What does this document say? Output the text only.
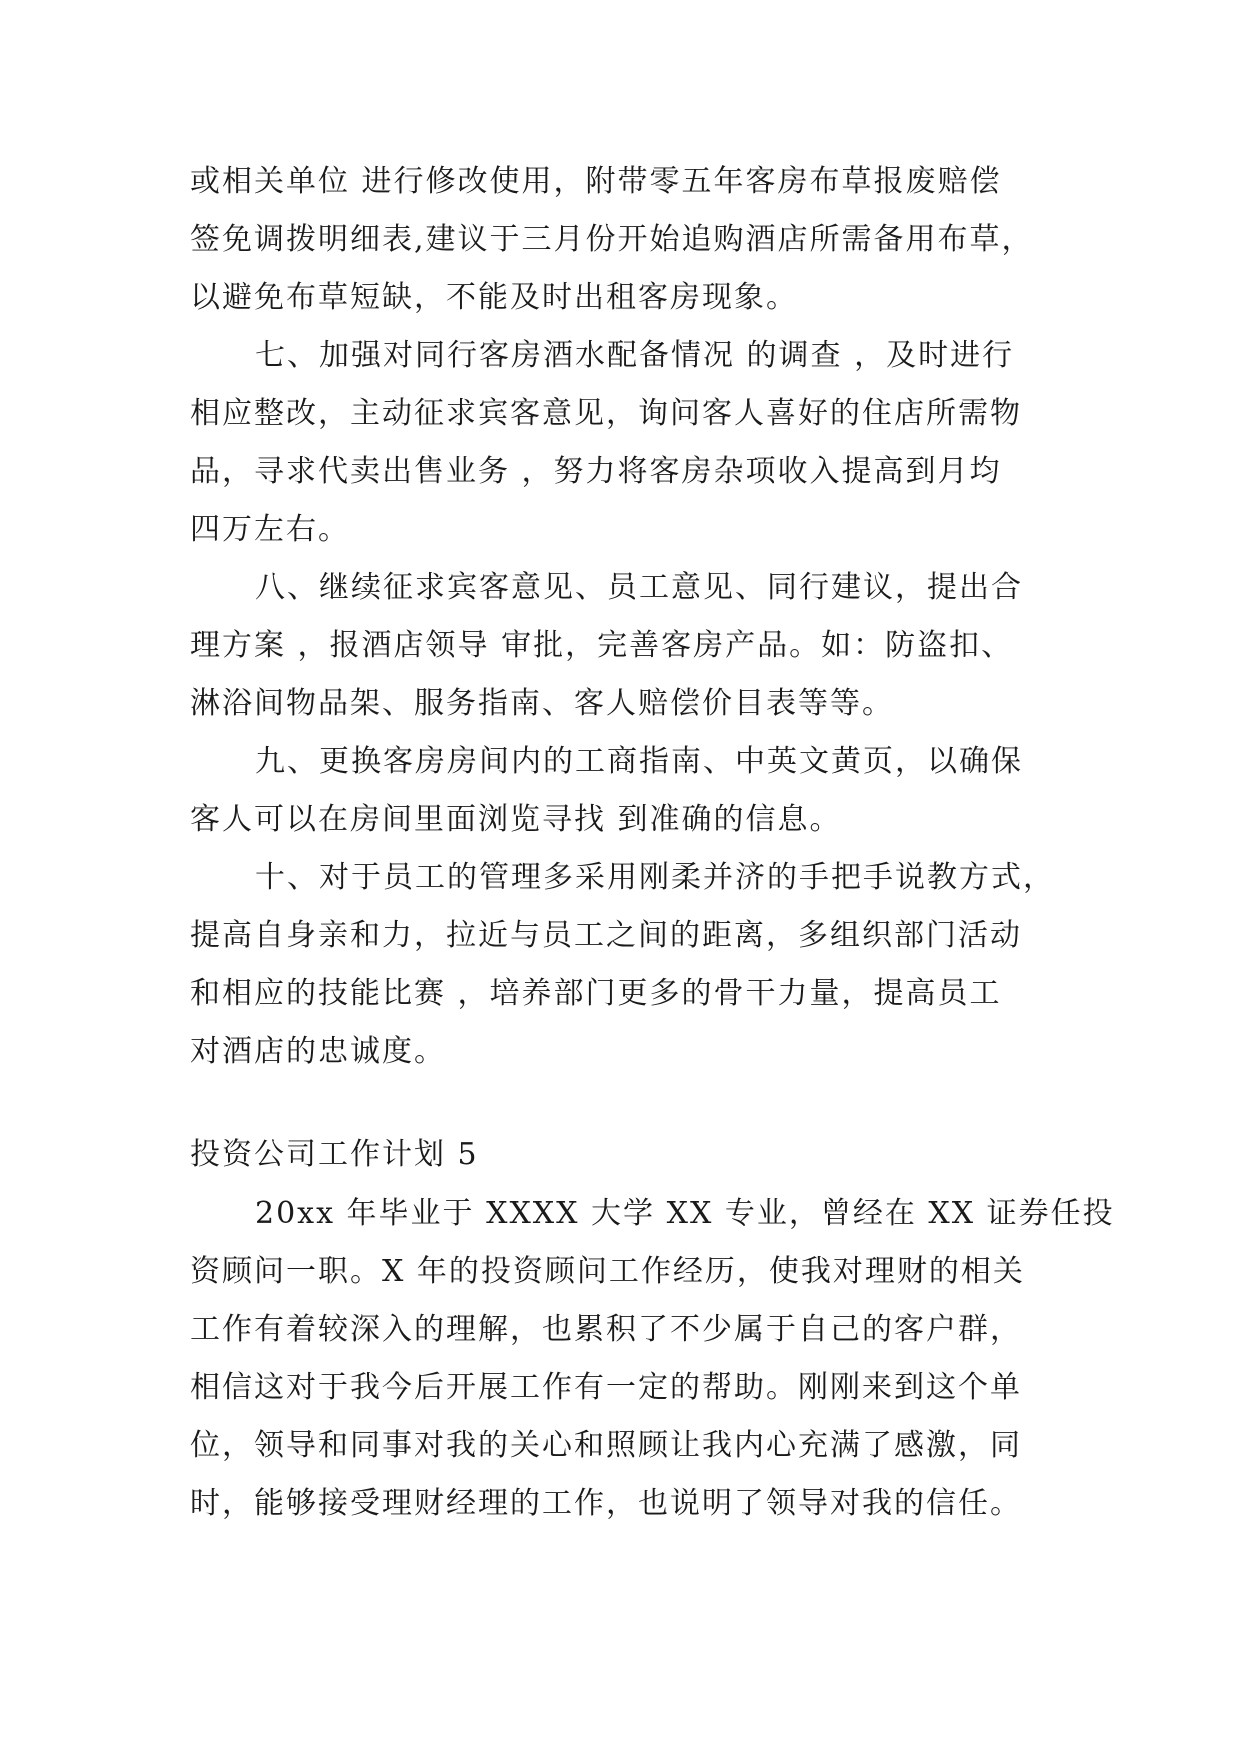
或相关单位 进行修改使用，附带零五年客房布草报废赔偿
签免调拨明细表,建议于三月份开始追购酒店所需备用布草，
以避免布草短缺，不能及时出租客房现象。
七、加强对同行客房酒水配备情况 的调查 ，及时进行
相应整改，主动征求宾客意见，询问客人喜好的住店所需物
品，寻求代卖出售业务 ，努力将客房杂项收入提高到月均
四万左右。
八、继续征求宾客意见、员工意见、同行建议，提出合
理方案 ，报酒店领导 审批，完善客房产品。如：防盗扣、
淋浴间物品架、服务指南、客人赔偿价目表等等。
九、更换客房房间内的工商指南、中英文黄页，以确保
客人可以在房间里面浏览寻找 到准确的信息。
十、对于员工的管理多采用刚柔并济的手把手说教方式，
提高自身亲和力，拉近与员工之间的距离，多组织部门活动
和相应的技能比赛 ，培养部门更多的骨干力量，提高员工
对酒店的忠诚度。
投资公司工作计划 5
20xx 年毕业于 XXXX 大学 XX 专业，曾经在 XX 证券任投
资顾问一职。X 年的投资顾问工作经历，使我对理财的相关
工作有着较深入的理解，也累积了不少属于自己的客户群，
相信这对于我今后开展工作有一定的帮助。刚刚来到这个单
位，领导和同事对我的关心和照顾让我内心充满了感激，同
时，能够接受理财经理的工作，也说明了领导对我的信任。
